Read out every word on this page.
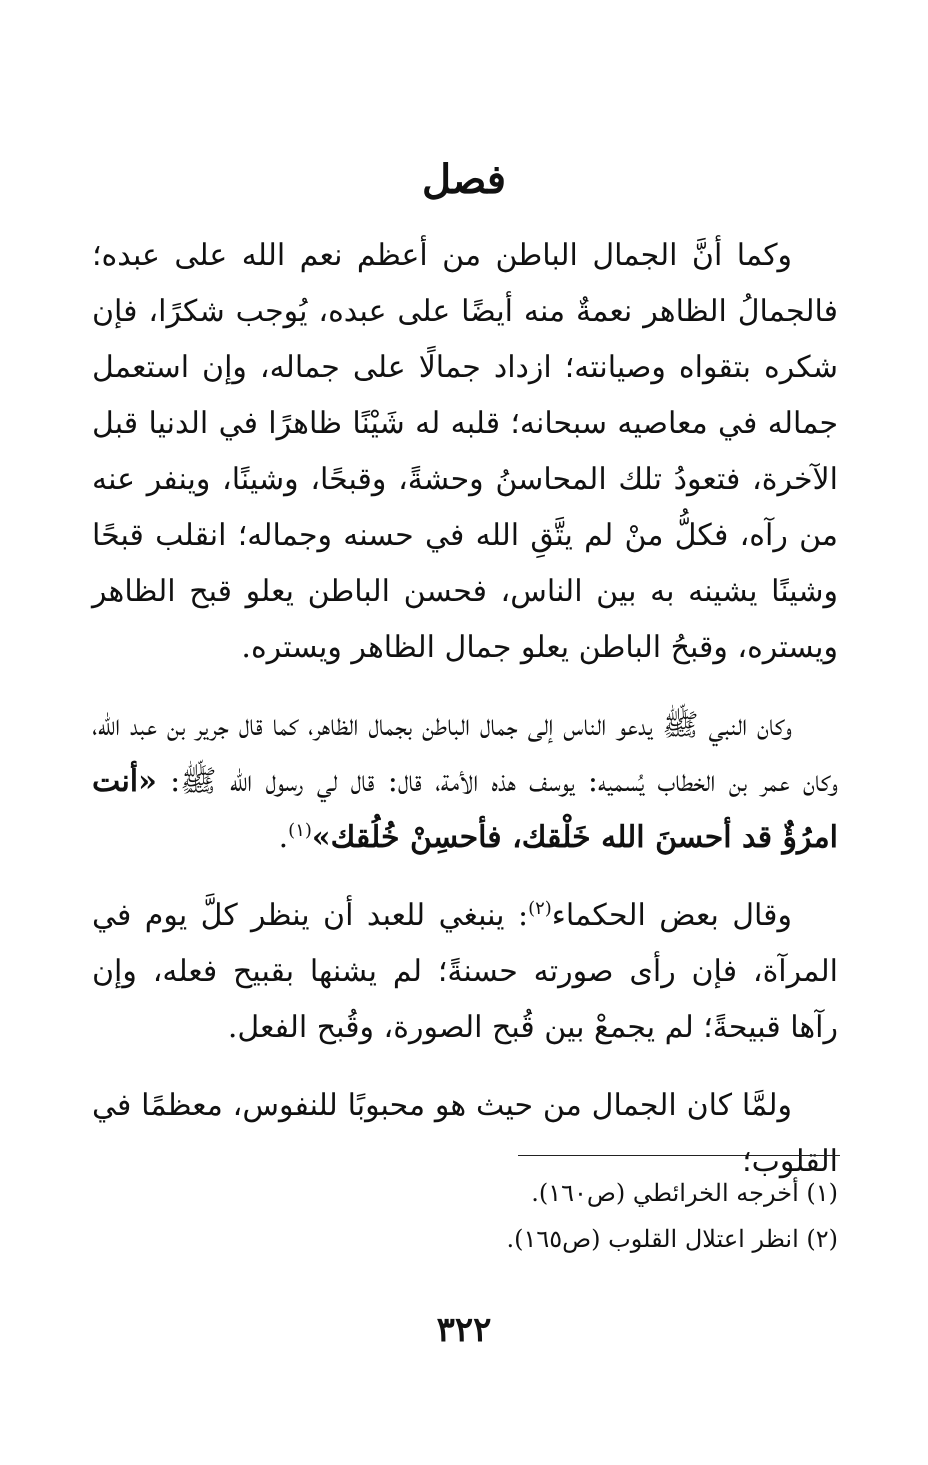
فصل

وكما أنَّ الجمال الباطن من أعظم نعم الله على عبده؛ فالجمالُ الظاهر نعمةٌ منه أيضًا على عبده، يُوجب شكرًا، فإن شكره بتقواه وصيانته؛ ازداد جمالًا على جماله، وإن استعمل جماله في معاصيه سبحانه؛ قلبه له شَيْنًا ظاهرًا في الدنيا قبل الآخرة، فتعودُ تلك المحاسنُ وحشةً، وقبحًا، وشينًا، وينفر عنه من رآه، فكلُّ منْ لم يتَّقِ الله في حسنه وجماله؛ انقلب قبحًا وشينًا يشينه به بين الناس، فحسن الباطن يعلو قبح الظاهر ويستره، وقبحُ الباطن يعلو جمال الظاهر ويستره.

وكان النبي ﷺ يدعو الناس إلى جمال الباطن بجمال الظاهر، كما قال جرير بن عبد الله، وكان عمر بن الخطاب يُسميه: يوسف هذه الأمة، قال: قال لي رسول الله ﷺ: «أنت امرُؤٌ قد أحسنَ الله خَلْقك، فأحسِنْ خُلُقك»$^{(١)}$.

وقال بعض الحكماء$^{(٢)}$: ينبغي للعبد أن ينظر كلَّ يوم في المرآة، فإن رأى صورته حسنةً؛ لم يشنها بقبيح فعله، وإن رآها قبيحةً؛ لم يجمعْ بين قُبح الصورة، وقُبح الفعل.

ولمَّا كان الجمال من حيث هو محبوبًا للنفوس، معظمًا في القلوب؛

(١) أخرجه الخرائطي (ص١٦٠).

(٢) انظر اعتلال القلوب (ص١٦٥).

٣٢٢
